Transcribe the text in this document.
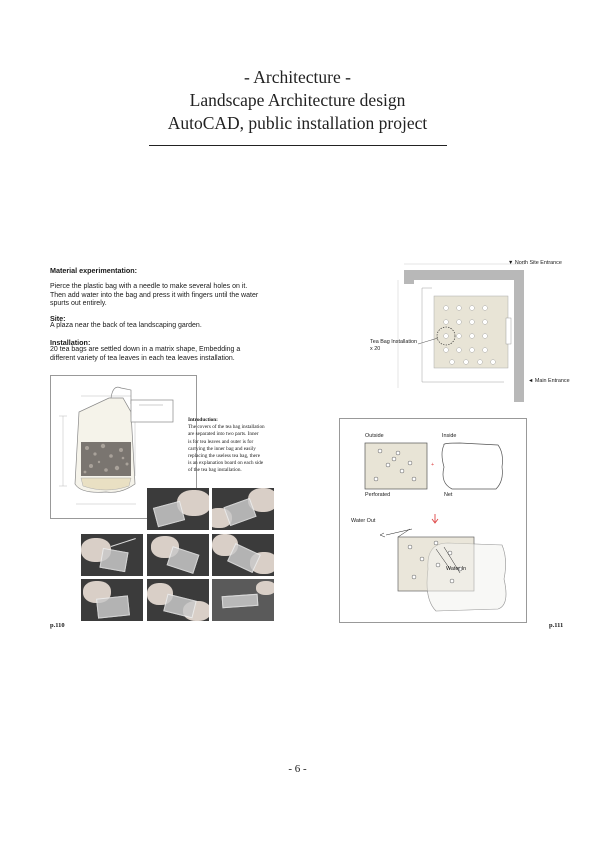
- Architecture -
Landscape Architecture design
AutoCAD, public installation project
Material experimentation:
Pierce the plastic bag with a needle to make several holes on it.
Then add water into the bag and press it with fingers until the water
spurts out entirely.
Site:
A plaza near the back of tea landscaping garden.
Installation:
20 tea bags are settled down in a matrix shape, Embedding a
different variety of tea leaves in each tea leaves installation.
Introduction:
The covers of the tea bag installation
are separated into two parts. Inner
is for tea leaves and outer is for
carrying the inner bag and easily
replacing the useless tea bag, there
is an explanation board on each side
of the tea bag installation.
p.110
▼ North Site Entrance
◄ Main Entrance
Tea Bag Installation
x 20
Outside	Inside
+
Perforated	Net
Water Out
Water In
p.111
- 6 -
